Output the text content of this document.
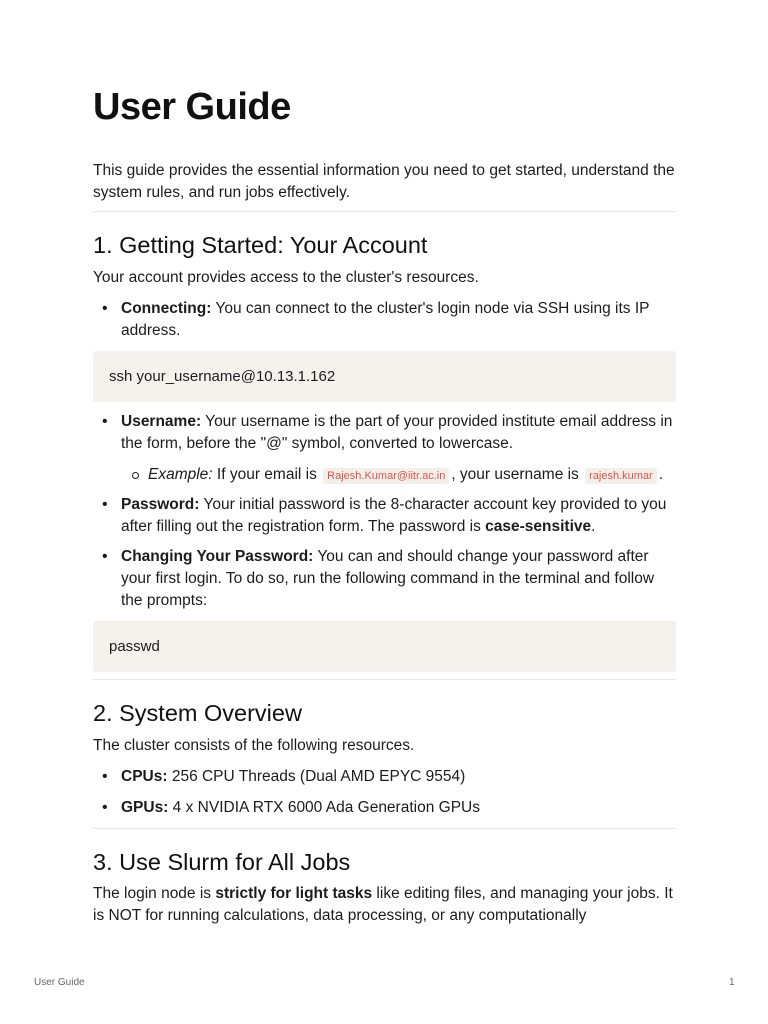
User Guide

This guide provides the essential information you need to get started, understand the system rules, and run jobs effectively.

1. Getting Started: Your Account

Your account provides access to the cluster's resources.

• Connecting: You can connect to the cluster's login node via SSH using its IP address.
ssh your_username@10.13.1.162
• Username: Your username is the part of your provided institute email address in the form, before the "@" symbol, converted to lowercase.
Example: If your email is Rajesh.Kumar@iitr.ac.in , your username is rajesh.kumar .
• Password: Your initial password is the 8-character account key provided to you after filling out the registration form. The password is case-sensitive.
• Changing Your Password: You can and should change your password after your first login. To do so, run the following command in the terminal and follow the prompts:
passwd
2. System Overview

The cluster consists of the following resources.

• CPUs: 256 CPU Threads (Dual AMD EPYC 9554)
• GPUs: 4 x NVIDIA RTX 6000 Ada Generation GPUs
3. Use Slurm for All Jobs

The login node is strictly for light tasks like editing files, and managing your jobs. It is NOT for running calculations, data processing, or any computationally

User Guide	1
